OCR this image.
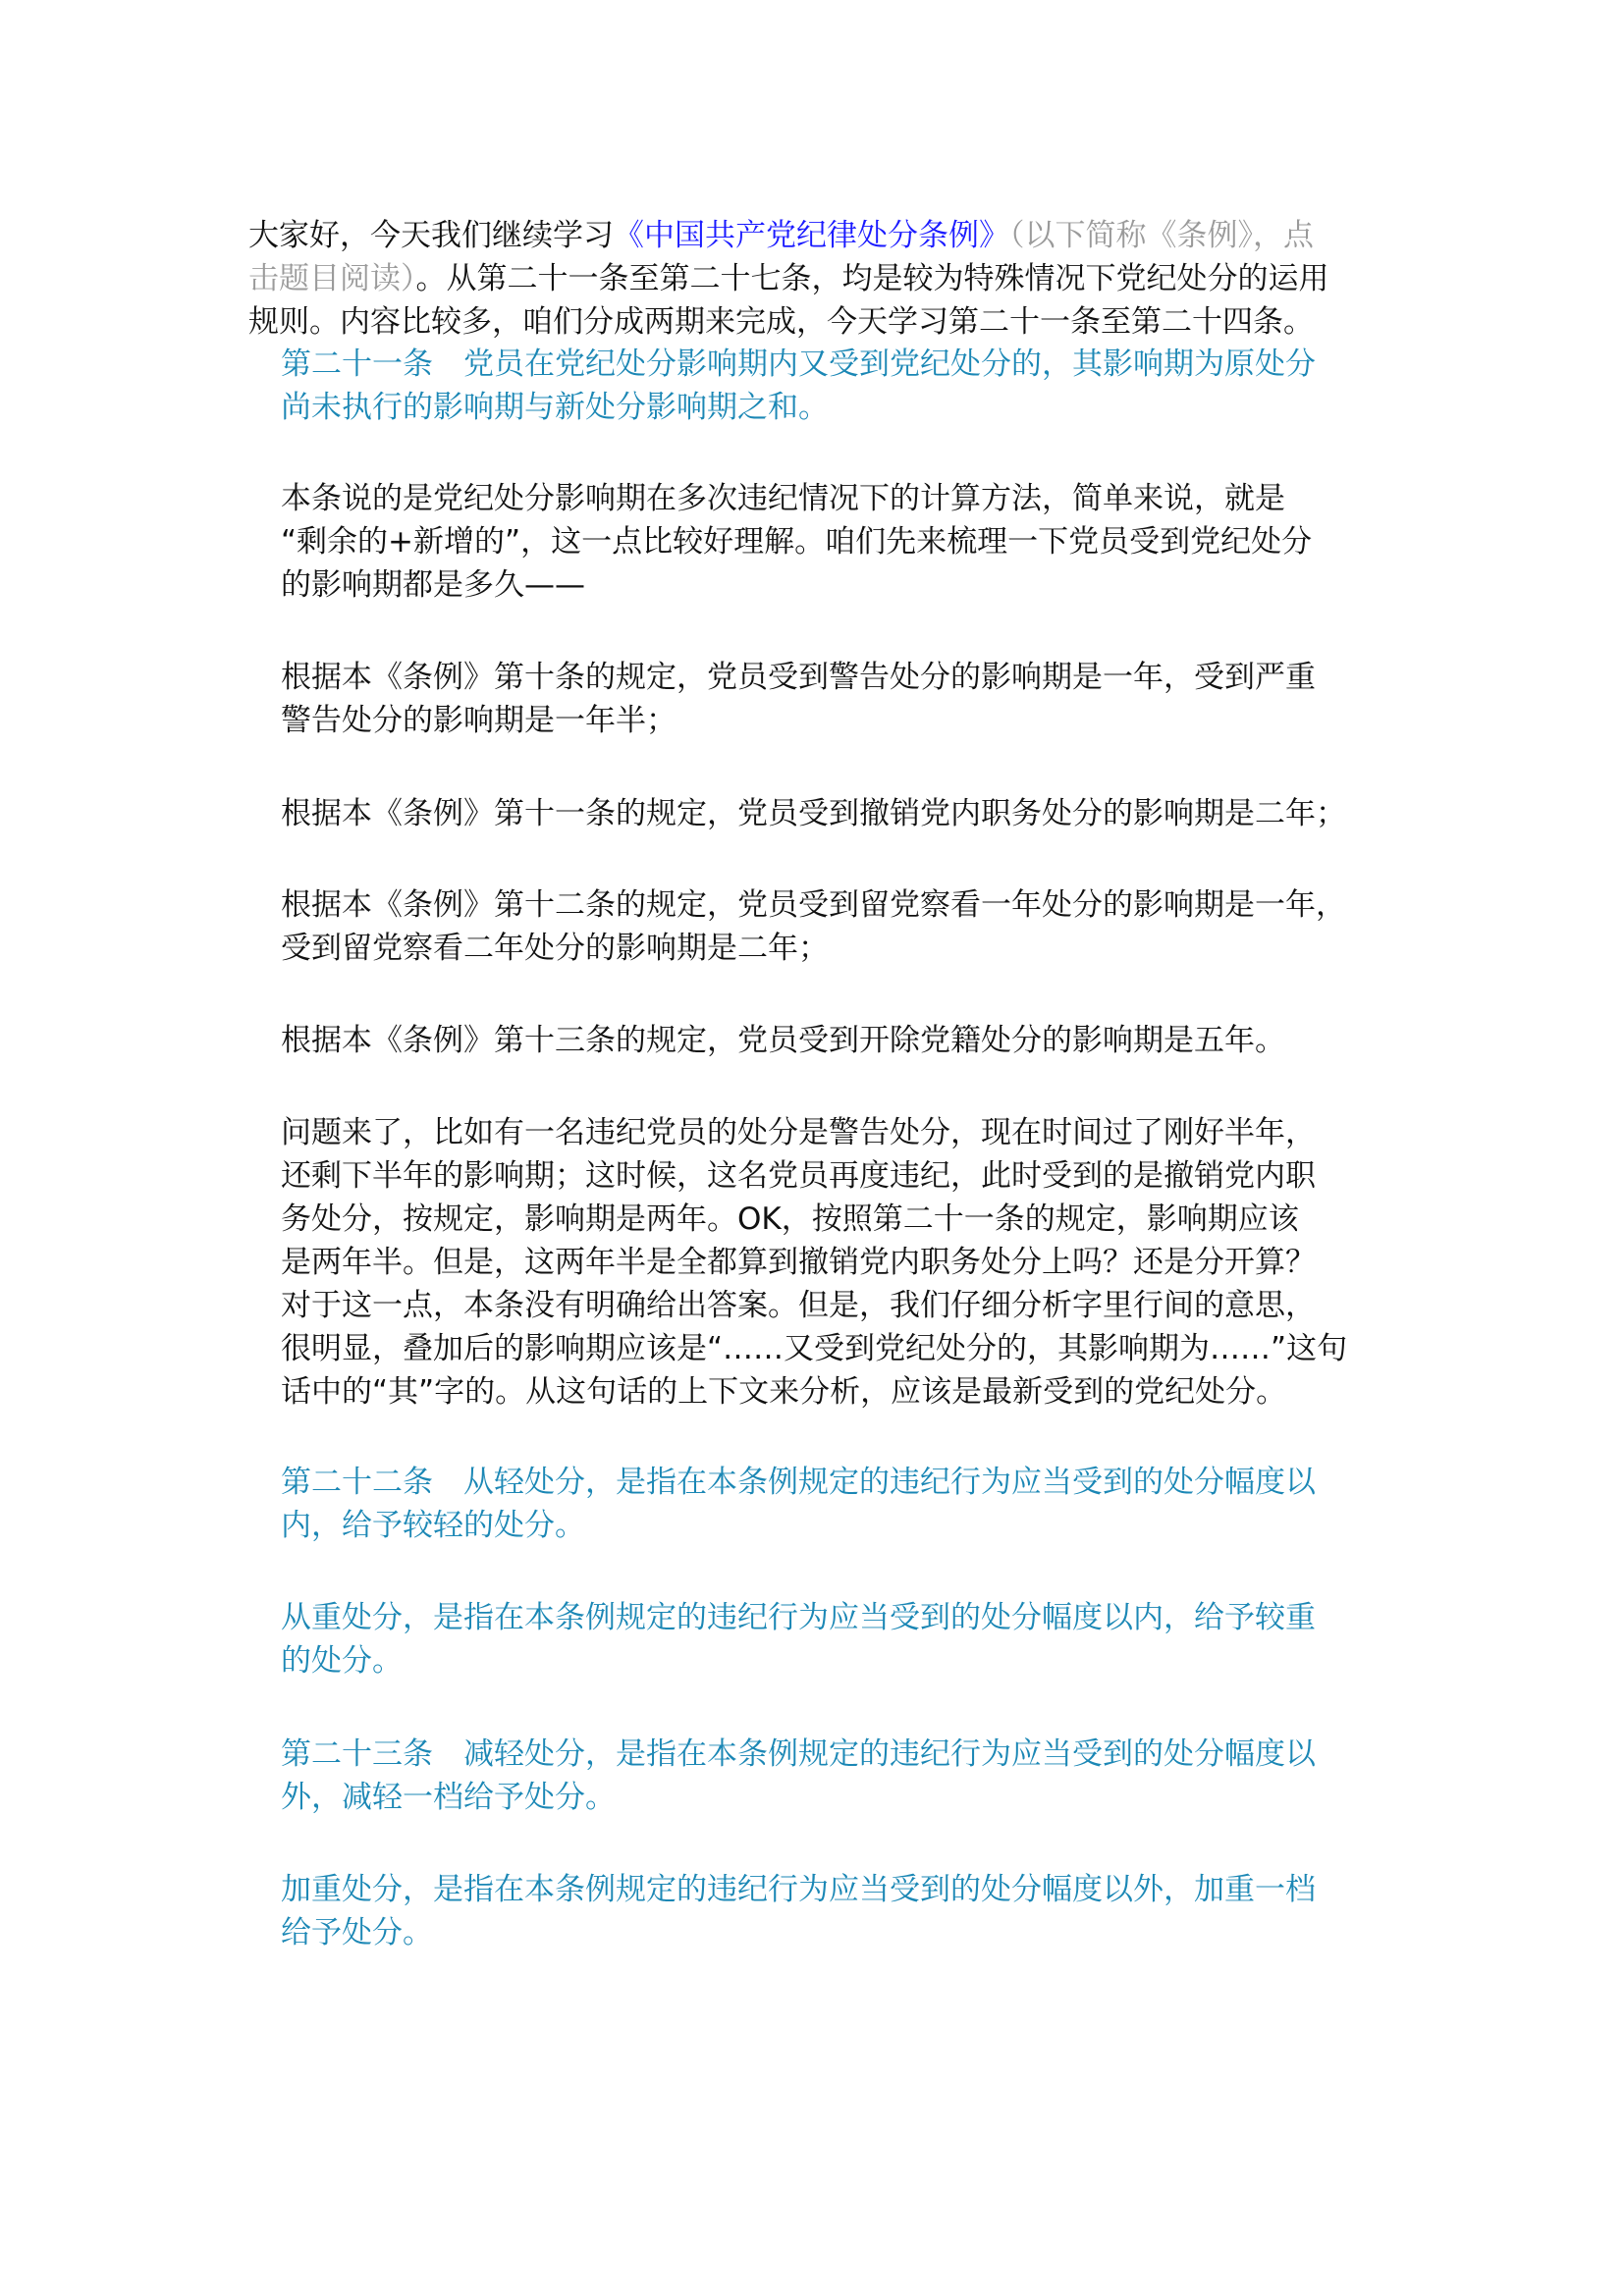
大家好，今天我们继续学习《中国共产党纪律处分条例》（以下简称《条例》，点
击题目阅读）。从第二十一条至第二十七条，均是较为特殊情况下党纪处分的运用
规则。内容比较多，咱们分成两期来完成，今天学习第二十一条至第二十四条。
第二十一条　党员在党纪处分影响期内又受到党纪处分的，其影响期为原处分
尚未执行的影响期与新处分影响期之和。
本条说的是党纪处分影响期在多次违纪情况下的计算方法，简单来说，就是
“剩余的+新增的”，这一点比较好理解。咱们先来梳理一下党员受到党纪处分
的影响期都是多久——
根据本《条例》第十条的规定，党员受到警告处分的影响期是一年，受到严重
警告处分的影响期是一年半；
根据本《条例》第十一条的规定，党员受到撤销党内职务处分的影响期是二年；
根据本《条例》第十二条的规定，党员受到留党察看一年处分的影响期是一年，
受到留党察看二年处分的影响期是二年；
根据本《条例》第十三条的规定，党员受到开除党籍处分的影响期是五年。
问题来了，比如有一名违纪党员的处分是警告处分，现在时间过了刚好半年，
还剩下半年的影响期；这时候，这名党员再度违纪，此时受到的是撤销党内职
务处分，按规定，影响期是两年。OK，按照第二十一条的规定，影响期应该
是两年半。但是，这两年半是全都算到撤销党内职务处分上吗？还是分开算？
对于这一点，本条没有明确给出答案。但是，我们仔细分析字里行间的意思，
很明显，叠加后的影响期应该是“……又受到党纪处分的，其影响期为……”这句
话中的“其”字的。从这句话的上下文来分析，应该是最新受到的党纪处分。
第二十二条　从轻处分，是指在本条例规定的违纪行为应当受到的处分幅度以
内，给予较轻的处分。
从重处分，是指在本条例规定的违纪行为应当受到的处分幅度以内，给予较重
的处分。
第二十三条　减轻处分，是指在本条例规定的违纪行为应当受到的处分幅度以
外，减轻一档给予处分。
加重处分，是指在本条例规定的违纪行为应当受到的处分幅度以外，加重一档
给予处分。
